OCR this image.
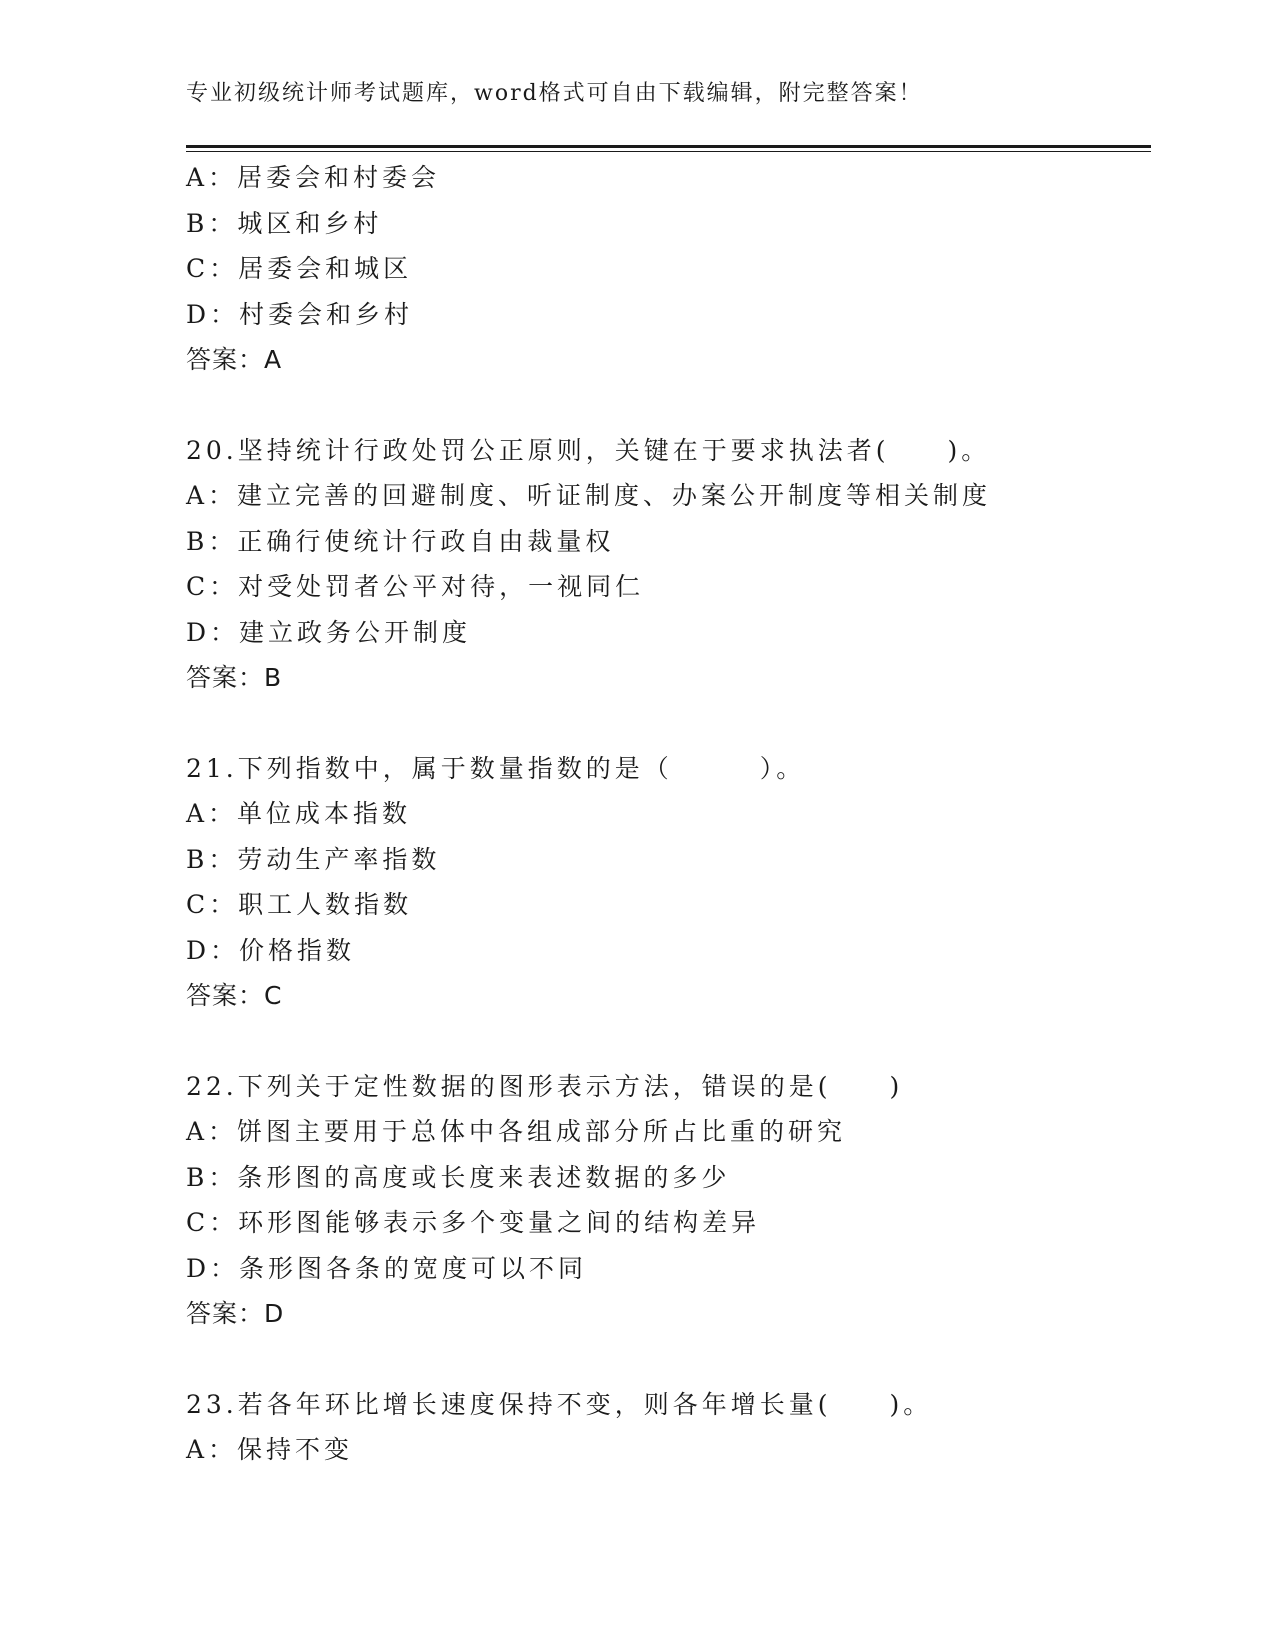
专业初级统计师考试题库，word格式可自由下载编辑，附完整答案！
A：居委会和村委会
B：城区和乡村
C：居委会和城区
D：村委会和乡村
答案：A
20.坚持统计行政处罚公正原则，关键在于要求执法者(　　)。
A：建立完善的回避制度、听证制度、办案公开制度等相关制度
B：正确行使统计行政自由裁量权
C：对受处罚者公平对待，一视同仁
D：建立政务公开制度
答案：B
21.下列指数中，属于数量指数的是（　　　）。
A：单位成本指数
B：劳动生产率指数
C：职工人数指数
D：价格指数
答案：C
22.下列关于定性数据的图形表示方法，错误的是(　　)
A：饼图主要用于总体中各组成部分所占比重的研究
B：条形图的高度或长度来表述数据的多少
C：环形图能够表示多个变量之间的结构差异
D：条形图各条的宽度可以不同
答案：D
23.若各年环比增长速度保持不变，则各年增长量(　　)。
A：保持不变
